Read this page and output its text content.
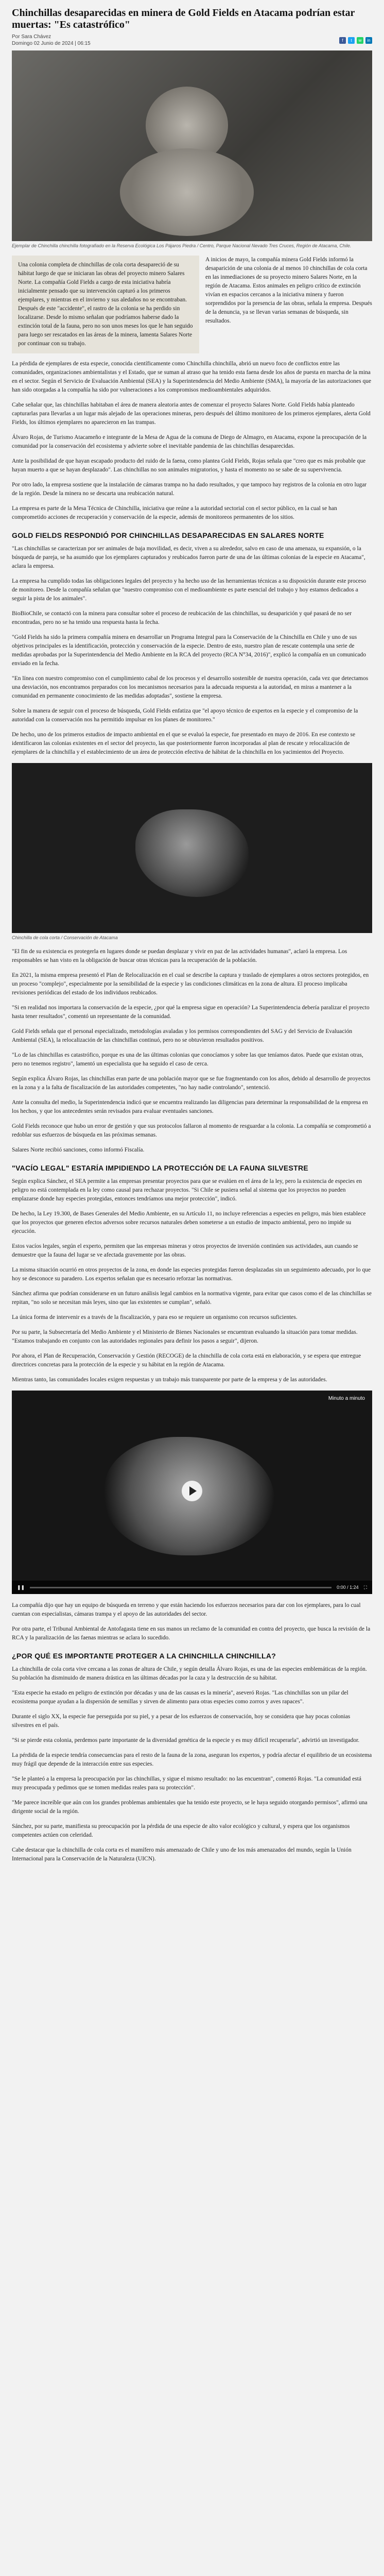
Chinchillas desaparecidas en minera de Gold Fields en Atacama podrían estar muertas: "Es catastrófico"
Por Sara Chávez
Domingo 02 Junio de 2024 | 06:15
f	t	w	in
Ejemplar de Chinchilla chinchilla fotografiado en la Reserva Ecológica Los Pájaros Piedra / Centro, Parque Nacional Nevado Tres Cruces, Región de Atacama, Chile.
Una colonia completa de chinchillas de cola corta desapareció de su hábitat luego de que se iniciaran las obras del proyecto minero Salares Norte. La compañía Gold Fields a cargo de esta iniciativa habría inicialmente pensado que su intervención capturó a los primeros ejemplares, y mientras en el invierno y sus aledaños no se encontraban. Después de este "accidente", el rastro de la colonia se ha perdido sin localizarse. Desde lo mismo señalan que podríamos haberse dado la extinción total de la fauna, pero no son unos meses los que le han seguido para luego ser rescatados en las áreas de la minera, lamenta Salares Norte por continuar con su trabajo.
A inicios de mayo, la compañía minera Gold Fields informó la desaparición de una colonia de al menos 10 chinchillas de cola corta en las inmediaciones de su proyecto minero Salares Norte, en la región de Atacama. Estos animales en peligro crítico de extinción vivían en espacios cercanos a la iniciativa minera y fueron sorprendidos por la presencia de las obras, señala la empresa. Después de la denuncia, ya se llevan varias semanas de búsqueda, sin resultados.

La pérdida de ejemplares de esta especie, conocida científicamente como Chinchilla chinchilla, abrió un nuevo foco de conflictos entre las comunidades, organizaciones ambientalistas y el Estado, que se suman al atraso que ha tenido esta faena desde los años de puesta en marcha de la mina en el sector. Según el Servicio de Evaluación Ambiental (SEA) y la Superintendencia del Medio Ambiente (SMA), la mayoría de las autorizaciones que han sido otorgadas a la compañía ha sido por vulneraciones a los compromisos medioambientales adquiridos.

Cabe señalar que, las chinchillas habitaban el área de manera aleatoria antes de comenzar el proyecto Salares Norte. Gold Fields había planteado capturarlas para llevarlas a un lugar más alejado de las operaciones mineras, pero después del último monitoreo de los primeros ejemplares, alerta Gold Fields, los últimos ejemplares no aparecieron en las trampas.

Álvaro Rojas, de Turismo Atacameño e integrante de la Mesa de Agua de la comuna de Diego de Almagro, en Atacama, expone la preocupación de la comunidad por la conservación del ecosistema y advierte sobre el inevitable pandemia de las chinchillas desaparecidas.

Ante la posibilidad de que hayan escapado producto del ruido de la faena, como plantea Gold Fields, Rojas señala que "creo que es más probable que hayan muerto a que se hayan desplazado". Las chinchillas no son animales migratorios, y hasta el momento no se sabe de su supervivencia.

Por otro lado, la empresa sostiene que la instalación de cámaras trampa no ha dado resultados, y que tampoco hay registros de la colonia en otro lugar de la región. Desde la minera no se descarta una reubicación natural.

La empresa es parte de la Mesa Técnica de Chinchilla, iniciativa que reúne a la autoridad sectorial con el sector público, en la cual se han comprometido acciones de recuperación y conservación de la especie, además de monitoreos permanentes de los sitios.

GOLD FIELDS RESPONDIÓ POR CHINCHILLAS DESAPARECIDAS EN SALARES NORTE

"Las chinchillas se caracterizan por ser animales de baja movilidad, es decir, viven a su alrededor, salvo en caso de una amenaza, su expansión, o la búsqueda de pareja, se ha asumido que los ejemplares capturados y reubicados fueron parte de una de las últimas colonias de la especie en Atacama", aclara la empresa.

La empresa ha cumplido todas las obligaciones legales del proyecto y ha hecho uso de las herramientas técnicas a su disposición durante este proceso de monitoreo. Desde la compañía señalan que "nuestro compromiso con el medioambiente es parte esencial del trabajo y hoy estamos dedicados a seguir la pista de los animales".

BioBioChile, se contactó con la minera para consultar sobre el proceso de reubicación de las chinchillas, su desaparición y qué pasará de no ser encontradas, pero no se ha tenido una respuesta hasta la fecha.

"Gold Fields ha sido la primera compañía minera en desarrollar un Programa Integral para la Conservación de la Chinchilla en Chile y uno de sus objetivos principales es la identificación, protección y conservación de la especie. Dentro de esto, nuestro plan de rescate contempla una serie de medidas aprobadas por la Superintendencia del Medio Ambiente en la RCA del proyecto (RCA N°34, 2016)", explicó la compañía en un comunicado enviado en la fecha.

"En línea con nuestro compromiso con el cumplimiento cabal de los procesos y el desarrollo sostenible de nuestra operación, cada vez que detectamos una desviación, nos encontramos preparados con los mecanismos necesarios para la adecuada respuesta a la autoridad, en miras a mantener a la comunidad en permanente conocimiento de las medidas adoptadas", sostiene la empresa.

Sobre la manera de seguir con el proceso de búsqueda, Gold Fields enfatiza que "el apoyo técnico de expertos en la especie y el compromiso de la autoridad con la conservación nos ha permitido impulsar en los planes de monitoreo."

De hecho, uno de los primeros estudios de impacto ambiental en el que se evaluó la especie, fue presentado en mayo de 2016. En ese contexto se identificaron las colonias existentes en el sector del proyecto, las que posteriormente fueron incorporadas al plan de rescate y relocalización de ejemplares de la chinchilla y el establecimiento de un área de protección efectiva de hábitat de la chinchilla en los yacimientos del Proyecto.

Chinchilla de cola corta / Conservación de Atacama

"El fin de su existencia es protegerla en lugares donde se puedan desplazar y vivir en paz de las actividades humanas", aclaró la empresa. Los responsables se han visto en la obligación de buscar otras técnicas para la recuperación de la población.

En 2021, la misma empresa presentó el Plan de Relocalización en el cual se describe la captura y traslado de ejemplares a otros sectores protegidos, en un proceso "complejo", especialmente por la sensibilidad de la especie y las condiciones climáticas en la zona de altura. El proceso implicaba revisiones periódicas del estado de los individuos reubicados.

"Si en realidad nos importara la conservación de la especie, ¿por qué la empresa sigue en operación? La Superintendencia debería paralizar el proyecto hasta tener resultados", comentó un representante de la comunidad.

Gold Fields señala que el personal especializado, metodologías avaladas y los permisos correspondientes del SAG y del Servicio de Evaluación Ambiental (SEA), la relocalización de las chinchillas continuó, pero no se obtuvieron resultados positivos.

"Lo de las chinchillas es catastrófico, porque es una de las últimas colonias que conocíamos y sobre las que teníamos datos. Puede que existan otras, pero no tenemos registro", lamentó un especialista que ha seguido el caso de cerca.

Según explica Álvaro Rojas, las chinchillas eran parte de una población mayor que se fue fragmentando con los años, debido al desarrollo de proyectos en la zona y a la falta de fiscalización de las autoridades competentes, "no hay nadie controlando", sentenció.

Ante la consulta del medio, la Superintendencia indicó que se encuentra realizando las diligencias para determinar la responsabilidad de la empresa en los hechos, y que los antecedentes serán revisados para evaluar eventuales sanciones.

Gold Fields reconoce que hubo un error de gestión y que sus protocolos fallaron al momento de resguardar a la colonia. La compañía se comprometió a redoblar sus esfuerzos de búsqueda en las próximas semanas.

Salares Norte recibió sanciones, como informó Fiscalía.

"VACÍO LEGAL" ESTARÍA IMPIDIENDO LA PROTECCIÓN DE LA FAUNA SILVESTRE

Según explica Sánchez, el SEA permite a las empresas presentar proyectos para que se evalúen en el área de la ley, pero la existencia de especies en peligro no está contemplada en la ley como causal para rechazar proyectos. "Si Chile se pusiera señal al sistema que los proyectos no pueden emplazarse donde hay especies protegidas, entonces tendríamos una mejor protección", indicó.

De hecho, la Ley 19.300, de Bases Generales del Medio Ambiente, en su Artículo 11, no incluye referencias a especies en peligro, más bien establece que los proyectos que generen efectos adversos sobre recursos naturales deben someterse a un estudio de impacto ambiental, pero no impide su ejecución.

Estos vacíos legales, según el experto, permiten que las empresas mineras y otros proyectos de inversión continúen sus actividades, aun cuando se demuestre que la fauna del lugar se ve afectada gravemente por las obras.

La misma situación ocurrió en otros proyectos de la zona, en donde las especies protegidas fueron desplazadas sin un seguimiento adecuado, por lo que hoy se desconoce su paradero. Los expertos señalan que es necesario reforzar las normativas.

Sánchez afirma que podrían considerarse en un futuro análisis legal cambios en la normativa vigente, para evitar que casos como el de las chinchillas se repitan, "no solo se necesitan más leyes, sino que las existentes se cumplan", señaló.

La única forma de intervenir es a través de la fiscalización, y para eso se requiere un organismo con recursos suficientes.

Por su parte, la Subsecretaría del Medio Ambiente y el Ministerio de Bienes Nacionales se encuentran evaluando la situación para tomar medidas. "Estamos trabajando en conjunto con las autoridades regionales para definir los pasos a seguir", dijeron.

Por ahora, el Plan de Recuperación, Conservación y Gestión (RECOGE) de la chinchilla de cola corta está en elaboración, y se espera que entregue directrices concretas para la protección de la especie y su hábitat en la región de Atacama.

Mientras tanto, las comunidades locales exigen respuestas y un trabajo más transparente por parte de la empresa y de las autoridades.

Minuto a minuto
❚❚	0:00 / 1:24 ⛶

La compañía dijo que hay un equipo de búsqueda en terreno y que están haciendo los esfuerzos necesarios para dar con los ejemplares, para lo cual cuentan con especialistas, cámaras trampa y el apoyo de las autoridades del sector.

Por otra parte, el Tribunal Ambiental de Antofagasta tiene en sus manos un reclamo de la comunidad en contra del proyecto, que busca la revisión de la RCA y la paralización de las faenas mientras se aclara lo sucedido.

¿POR QUÉ ES IMPORTANTE PROTEGER A LA CHINCHILLA CHINCHILLA?

La chinchilla de cola corta vive cercana a las zonas de altura de Chile, y según detalla Álvaro Rojas, es una de las especies emblemáticas de la región. Su población ha disminuido de manera drástica en las últimas décadas por la caza y la destrucción de su hábitat.

"Esta especie ha estado en peligro de extinción por décadas y una de las causas es la minería", aseveró Rojas. "Las chinchillas son un pilar del ecosistema porque ayudan a la dispersión de semillas y sirven de alimento para otras especies como zorros y aves rapaces".

Durante el siglo XX, la especie fue perseguida por su piel, y a pesar de los esfuerzos de conservación, hoy se considera que hay pocas colonias silvestres en el país.

"Si se pierde esta colonia, perdemos parte importante de la diversidad genética de la especie y es muy difícil recuperarla", advirtió un investigador.

La pérdida de la especie tendría consecuencias para el resto de la fauna de la zona, aseguran los expertos, y podría afectar el equilibrio de un ecosistema muy frágil que depende de la interacción entre sus especies.

"Se le planteó a la empresa la preocupación por las chinchillas, y sigue el mismo resultado: no las encuentran", comentó Rojas. "La comunidad está muy preocupada y pedimos que se tomen medidas reales para su protección".

"Me parece increíble que aún con los grandes problemas ambientales que ha tenido este proyecto, se le haya seguido otorgando permisos", afirmó una dirigente social de la región.

Sánchez, por su parte, manifiesta su preocupación por la pérdida de una especie de alto valor ecológico y cultural, y espera que los organismos competentes actúen con celeridad.

Cabe destacar que la chinchilla de cola corta es el mamífero más amenazado de Chile y uno de los más amenazados del mundo, según la Unión Internacional para la Conservación de la Naturaleza (UICN).
